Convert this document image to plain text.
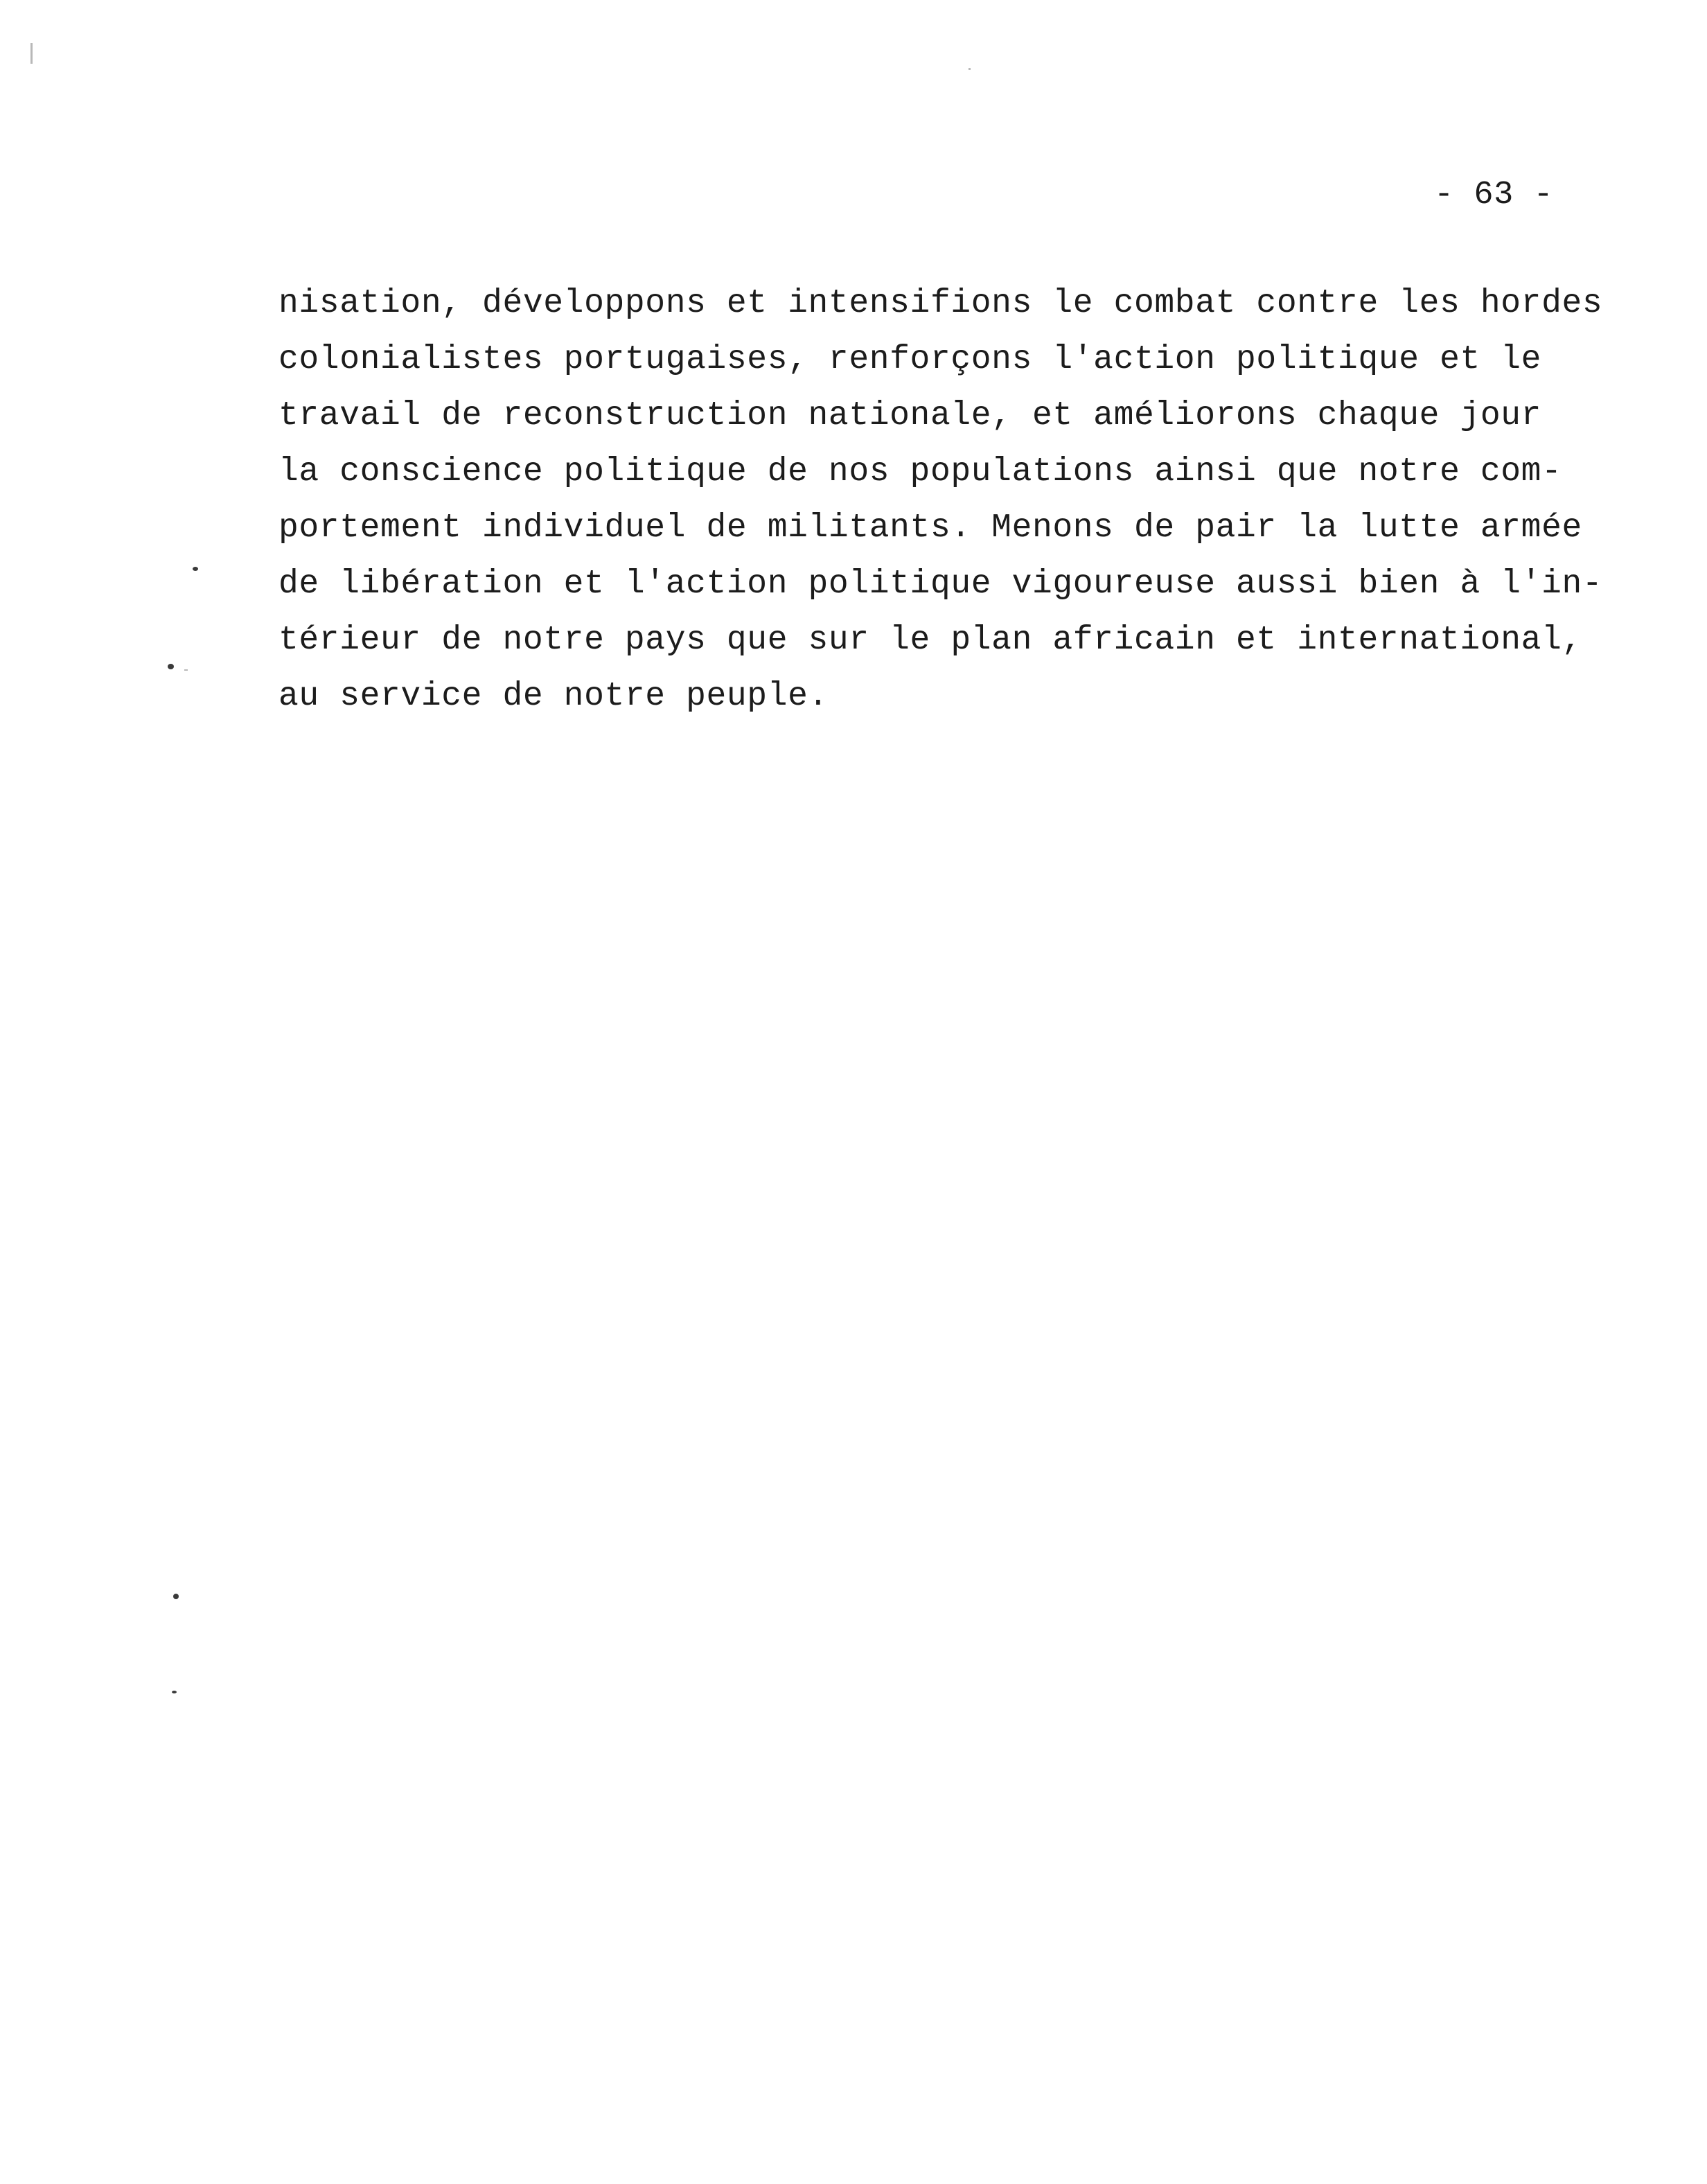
- 63 -
nisation, développons et intensifions le combat contre les hordes
colonialistes portugaises, renforçons l'action politique et le
travail de reconstruction nationale, et améliorons chaque jour
la conscience politique de nos populations ainsi que notre com-
portement individuel de militants. Menons de pair la lutte armée
de libération et l'action politique vigoureuse aussi bien à l'in-
térieur de notre pays que sur le plan africain et international,
au service de notre peuple.
